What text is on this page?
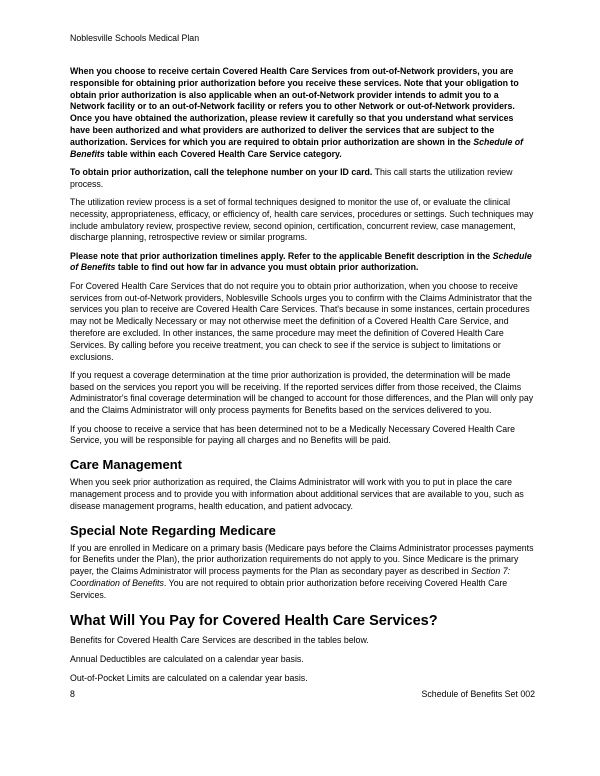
Noblesville Schools Medical Plan

When you choose to receive certain Covered Health Care Services from out-of-Network providers, you are responsible for obtaining prior authorization before you receive these services. Note that your obligation to obtain prior authorization is also applicable when an out-of-Network provider intends to admit you to a Network facility or to an out-of-Network facility or refers you to other Network or out-of-Network providers. Once you have obtained the authorization, please review it carefully so that you understand what services have been authorized and what providers are authorized to deliver the services that are subject to the authorization. Services for which you are required to obtain prior authorization are shown in the Schedule of Benefits table within each Covered Health Care Service category.

To obtain prior authorization, call the telephone number on your ID card. This call starts the utilization review process.

The utilization review process is a set of formal techniques designed to monitor the use of, or evaluate the clinical necessity, appropriateness, efficacy, or efficiency of, health care services, procedures or settings. Such techniques may include ambulatory review, prospective review, second opinion, certification, concurrent review, case management, discharge planning, retrospective review or similar programs.

Please note that prior authorization timelines apply. Refer to the applicable Benefit description in the Schedule of Benefits table to find out how far in advance you must obtain prior authorization.

For Covered Health Care Services that do not require you to obtain prior authorization, when you choose to receive services from out-of-Network providers, Noblesville Schools urges you to confirm with the Claims Administrator that the services you plan to receive are Covered Health Care Services. That's because in some instances, certain procedures may not be Medically Necessary or may not otherwise meet the definition of a Covered Health Care Service, and therefore are excluded. In other instances, the same procedure may meet the definition of Covered Health Care Services. By calling before you receive treatment, you can check to see if the service is subject to limitations or exclusions.

If you request a coverage determination at the time prior authorization is provided, the determination will be made based on the services you report you will be receiving. If the reported services differ from those received, the Claims Administrator's final coverage determination will be changed to account for those differences, and the Plan will only pay and the Claims Administrator will only process payments for Benefits based on the services delivered to you.

If you choose to receive a service that has been determined not to be a Medically Necessary Covered Health Care Service, you will be responsible for paying all charges and no Benefits will be paid.

Care Management

When you seek prior authorization as required, the Claims Administrator will work with you to put in place the care management process and to provide you with information about additional services that are available to you, such as disease management programs, health education, and patient advocacy.

Special Note Regarding Medicare

If you are enrolled in Medicare on a primary basis (Medicare pays before the Claims Administrator processes payments for Benefits under the Plan), the prior authorization requirements do not apply to you. Since Medicare is the primary payer, the Claims Administrator will process payments for the Plan as secondary payer as described in Section 7: Coordination of Benefits. You are not required to obtain prior authorization before receiving Covered Health Care Services.

What Will You Pay for Covered Health Care Services?

Benefits for Covered Health Care Services are described in the tables below.

Annual Deductibles are calculated on a calendar year basis.

Out-of-Pocket Limits are calculated on a calendar year basis.

8	Schedule of Benefits Set 002
